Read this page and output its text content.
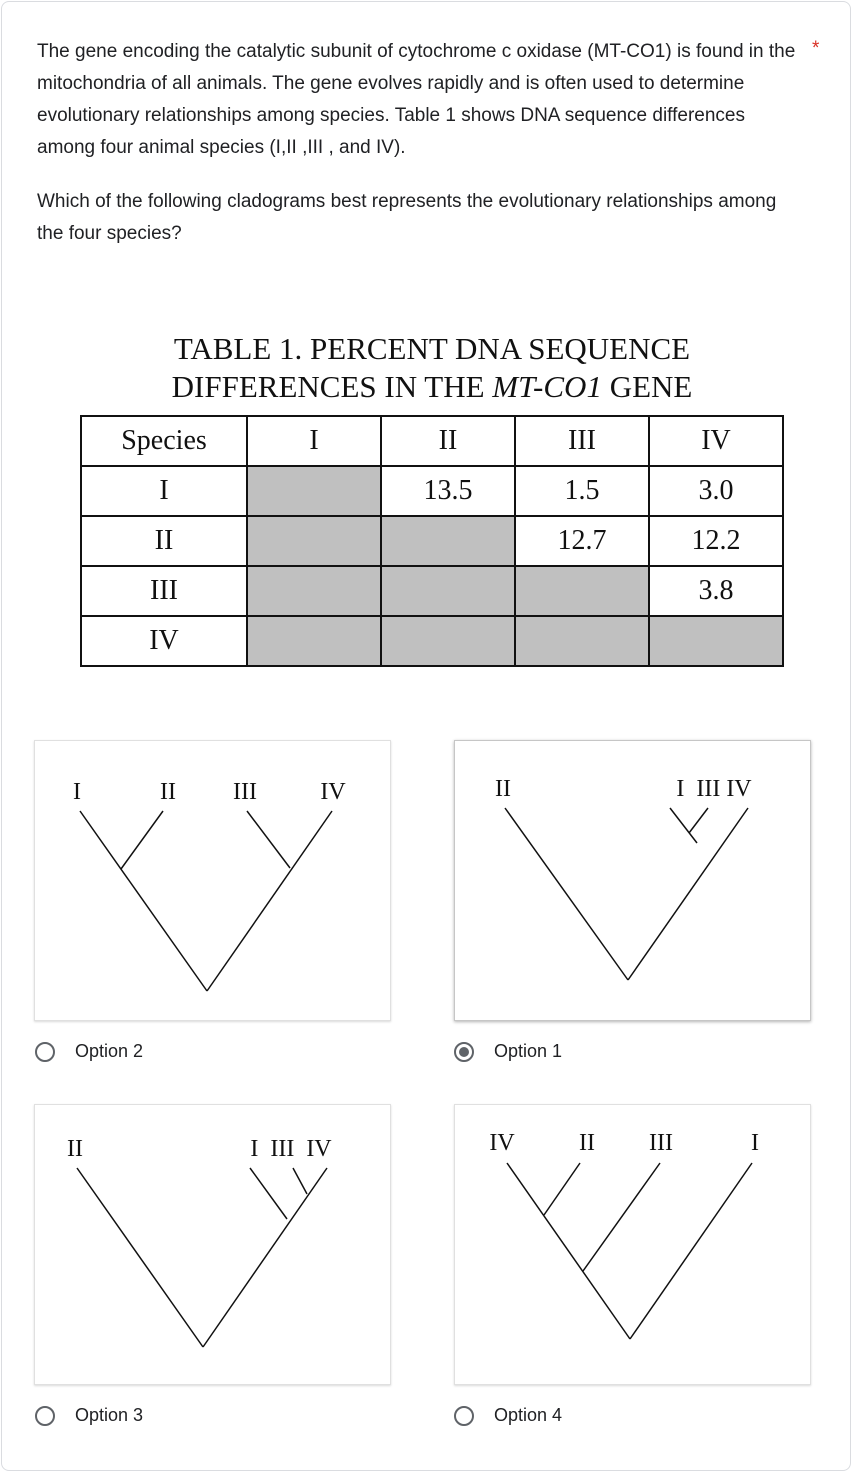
The gene encoding the catalytic subunit of cytochrome c oxidase (MT-CO1) is found in the mitochondria of all animals. The gene evolves rapidly and is often used to determine evolutionary relationships among species. Table 1 shows DNA sequence differences among four animal species (I,II ,III , and IV).

Which of the following cladograms best represents the evolutionary relationships among the four species?

*
TABLE 1. PERCENT DNA SEQUENCE
DIFFERENCES IN THE MT-CO1 GENE
Species	I	II	III	IV
I		13.5	1.5	3.0
II			12.7	12.2
III				3.8
IV				
I	II III	IV
Option 2
II	I  III IV
Option 1
II	I  III  IV
Option 3
IV	II III	I
Option 4
